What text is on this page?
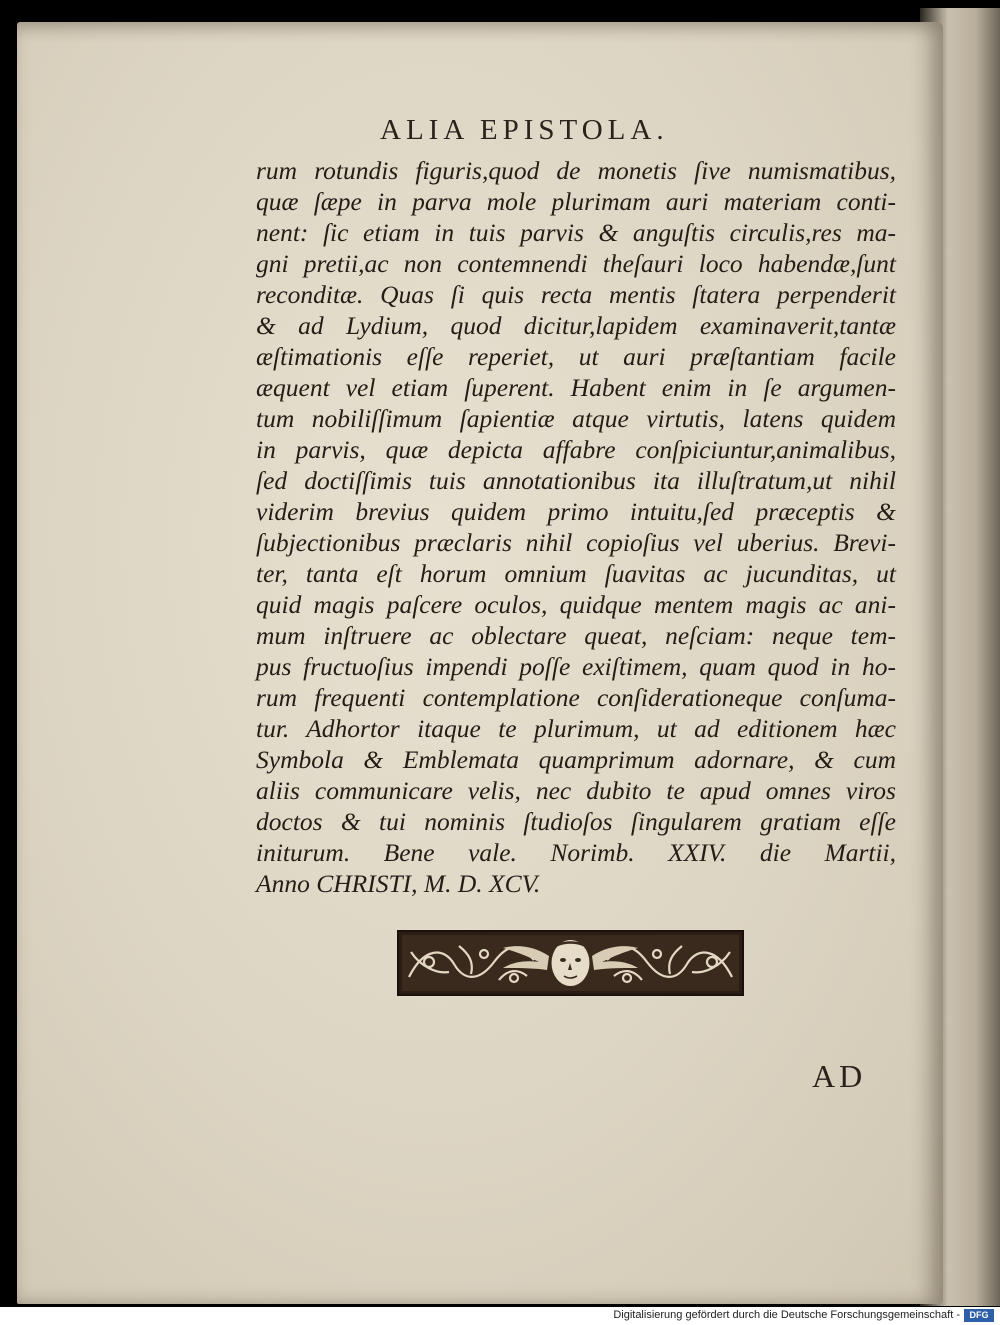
ALIA EPISTOLA.
rum rotundis figuris,quod de monetis ſive numismatibus,
quæ ſæpe in parva mole plurimam auri materiam conti-
nent: ſic etiam in tuis parvis & anguſtis circulis,res ma-
gni pretii,ac non contemnendi theſauri loco habendæ,ſunt
reconditæ. Quas ſi quis recta mentis ſtatera perpenderit
& ad Lydium, quod dicitur,lapidem examinaverit,tantæ
æſtimationis eſſe reperiet, ut auri præſtantiam facile
æquent vel etiam ſuperent. Habent enim in ſe argumen-
tum nobiliſſimum ſapientiæ atque virtutis, latens quidem
in parvis, quæ depicta affabre conſpiciuntur,animalibus,
ſed doctiſſimis tuis annotationibus ita illuſtratum,ut nihil
viderim brevius quidem primo intuitu,ſed præceptis &
ſubjectionibus præclaris nihil copioſius vel uberius. Brevi-
ter, tanta eſt horum omnium ſuavitas ac jucunditas, ut
quid magis paſcere oculos, quidque mentem magis ac ani-
mum inſtruere ac oblectare queat, neſciam: neque tem-
pus fructuoſius impendi poſſe exiſtimem, quam quod in ho-
rum frequenti contemplatione conſiderationeque conſuma-
tur. Adhortor itaque te plurimum, ut ad editionem hæc
Symbola & Emblemata quamprimum adornare, & cum
aliis communicare velis, nec dubito te apud omnes viros
doctos & tui nominis ſtudioſos ſingularem gratiam eſſe
initurum. Bene vale. Norimb. XXIV. die Martii,
Anno CHRISTI, M. D. XCV.
AD
Digitalisierung gefördert durch die Deutsche Forschungsgemeinschaft -	DFG
